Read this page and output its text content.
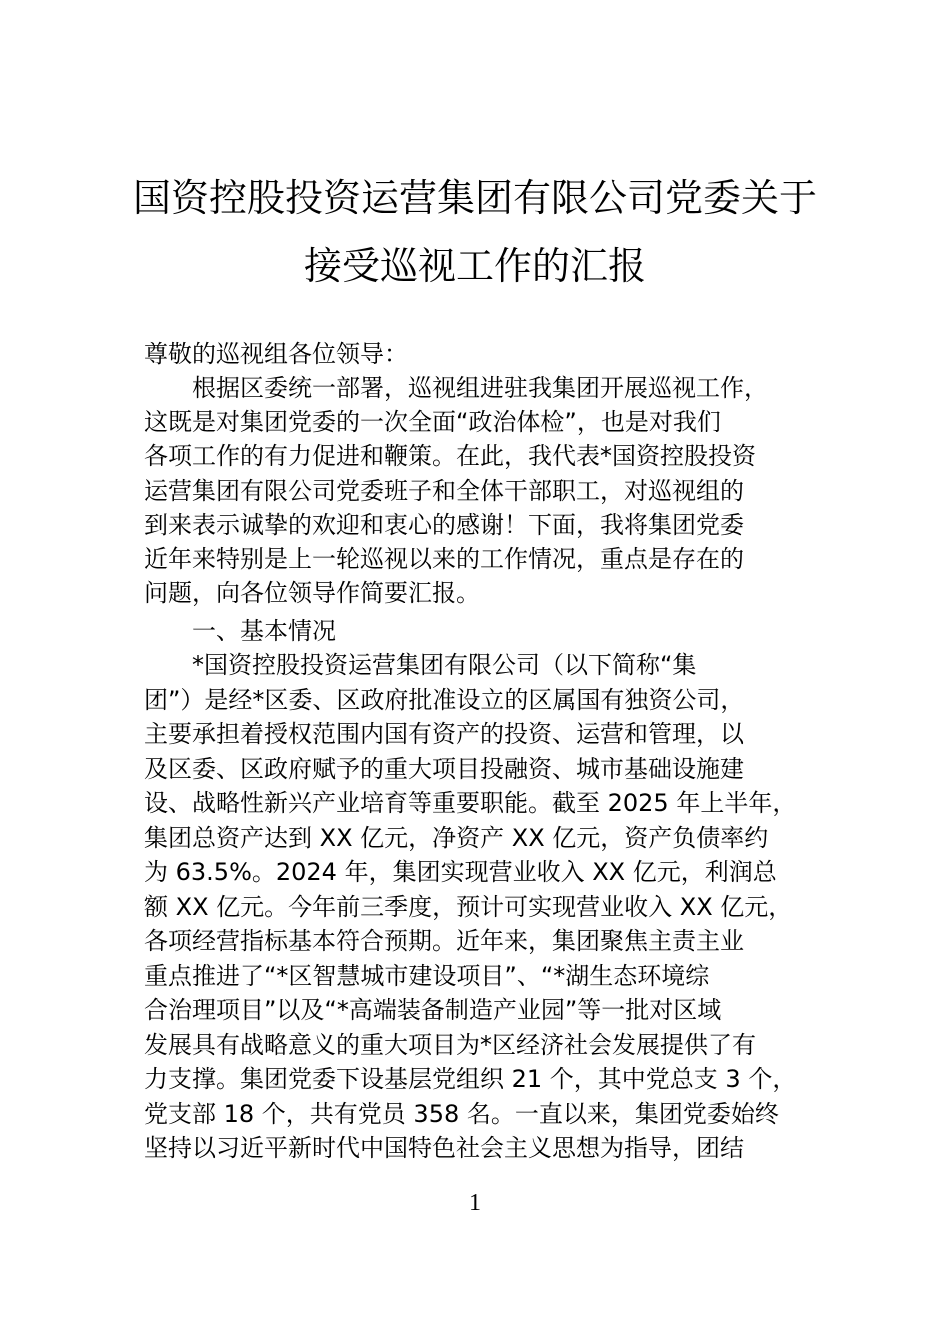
国资控股投资运营集团有限公司党委关于
接受巡视工作的汇报
尊敬的巡视组各位领导：
根据区委统一部署，巡视组进驻我集团开展巡视工作，
这既是对集团党委的一次全面“政治体检”，也是对我们
各项工作的有力促进和鞭策。在此，我代表*国资控股投资
运营集团有限公司党委班子和全体干部职工，对巡视组的
到来表示诚挚的欢迎和衷心的感谢！下面，我将集团党委
近年来特别是上一轮巡视以来的工作情况，重点是存在的
问题，向各位领导作简要汇报。
一、基本情况
*国资控股投资运营集团有限公司（以下简称“集
团”）是经*区委、区政府批准设立的区属国有独资公司，
主要承担着授权范围内国有资产的投资、运营和管理，以
及区委、区政府赋予的重大项目投融资、城市基础设施建
设、战略性新兴产业培育等重要职能。截至 2025 年上半年，
集团总资产达到 XX 亿元，净资产 XX 亿元，资产负债率约
为 63.5%。2024 年，集团实现营业收入 XX 亿元，利润总
额 XX 亿元。今年前三季度，预计可实现营业收入 XX 亿元，
各项经营指标基本符合预期。近年来，集团聚焦主责主业
重点推进了“*区智慧城市建设项目”、“*湖生态环境综
合治理项目”以及“*高端装备制造产业园”等一批对区域
发展具有战略意义的重大项目为*区经济社会发展提供了有
力支撑。集团党委下设基层党组织 21 个，其中党总支 3 个，
党支部 18 个，共有党员 358 名。一直以来，集团党委始终
坚持以习近平新时代中国特色社会主义思想为指导，团结
1
